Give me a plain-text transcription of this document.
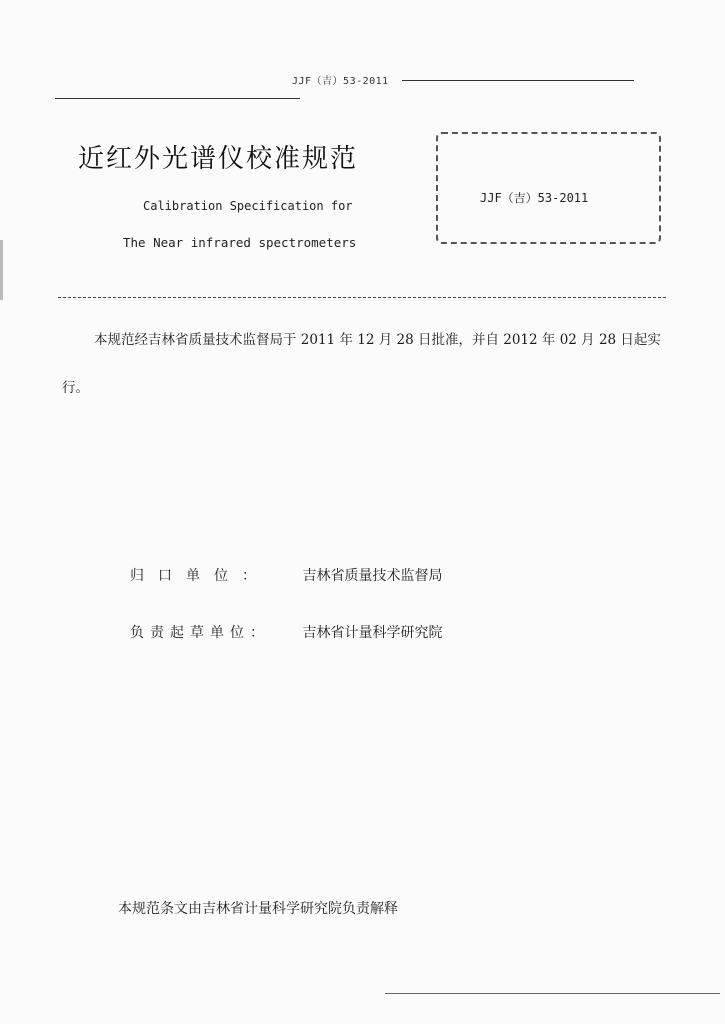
JJF（吉）53-2011
近红外光谱仪校准规范
Calibration Specification for
The Near infrared spectrometers
JJF（吉）53-2011
本规范经吉林省质量技术监督局于 2011 年 12 月 28 日批准，并自 2012 年 02 月 28 日起实行。
归口单位： 吉林省质量技术监督局
负责起草单位： 吉林省计量科学研究院
本规范条文由吉林省计量科学研究院负责解释
